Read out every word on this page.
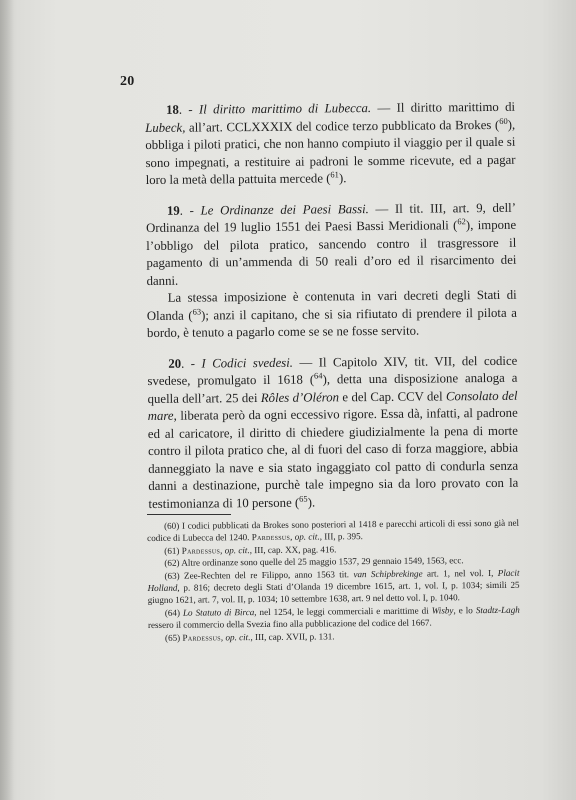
20

18. - Il diritto marittimo di Lubecca. — Il diritto marittimo di Lubeck, all’art. CCLXXXIX del codice terzo pubblicato da Brokes ($^{60}$), obbliga i piloti pratici, che non hanno compiuto il viaggio per il quale si sono impegnati, a restituire ai padroni le somme ricevute, ed a pagar loro la metà della pattuita mercede ($^{61}$).

19. - Le Ordinanze dei Paesi Bassi. — Il tit. III, art. 9, dell’ Ordinanza del 19 luglio 1551 dei Paesi Bassi Meridionali ($^{62}$), impone l’obbligo del pilota pratico, sancendo contro il trasgressore il pagamento di un’ammenda di 50 reali d’oro ed il risarcimento dei danni.

La stessa imposizione è contenuta in vari decreti degli Stati di Olanda ($^{63}$); anzi il capitano, che si sia rifiutato di prendere il pilota a bordo, è tenuto a pagarlo come se se ne fosse servito.

20. - I Codici svedesi. — Il Capitolo XIV, tit. VII, del codice svedese, promulgato il 1618 ($^{64}$), detta una disposizione analoga a quella dell’art. 25 dei Rôles d’Oléron e del Cap. CCV del Consolato del mare, liberata però da ogni eccessivo rigore. Essa dà, infatti, al padrone ed al caricatore, il diritto di chiedere giudizialmente la pena di morte contro il pilota pratico che, al di fuori del caso di forza maggiore, abbia danneggiato la nave e sia stato ingaggiato col patto di condurla senza danni a destinazione, purchè tale impegno sia da loro provato con la testimonianza di 10 persone ($^{65}$).

(60) I codici pubblicati da Brokes sono posteriori al 1418 e parecchi articoli di essi sono già nel codice di Lubecca del 1240. Pardessus, op. cit., III, p. 395.

(61) Pardessus, op. cit., III, cap. XX, pag. 416.

(62) Altre ordinanze sono quelle del 25 maggio 1537, 29 gennaio 1549, 1563, ecc.

(63) Zee-Rechten del re Filippo, anno 1563 tit. van Schipbrekinge art. 1, nel vol. I, Placit Holland, p. 816; decreto degli Stati d’Olanda 19 dicembre 1615, art. 1, vol. I, p. 1034; simili 25 giugno 1621, art. 7, vol. II, p. 1034; 10 settembre 1638, art. 9 nel detto vol. I, p. 1040.

(64) Lo Statuto di Birca, nel 1254, le leggi commerciali e marittime di Wisby, e lo Stadtz-Lagh ressero il commercio della Svezia fino alla pubblicazione del codice del 1667.

(65) Pardessus, op. cit., III, cap. XVII, p. 131.
